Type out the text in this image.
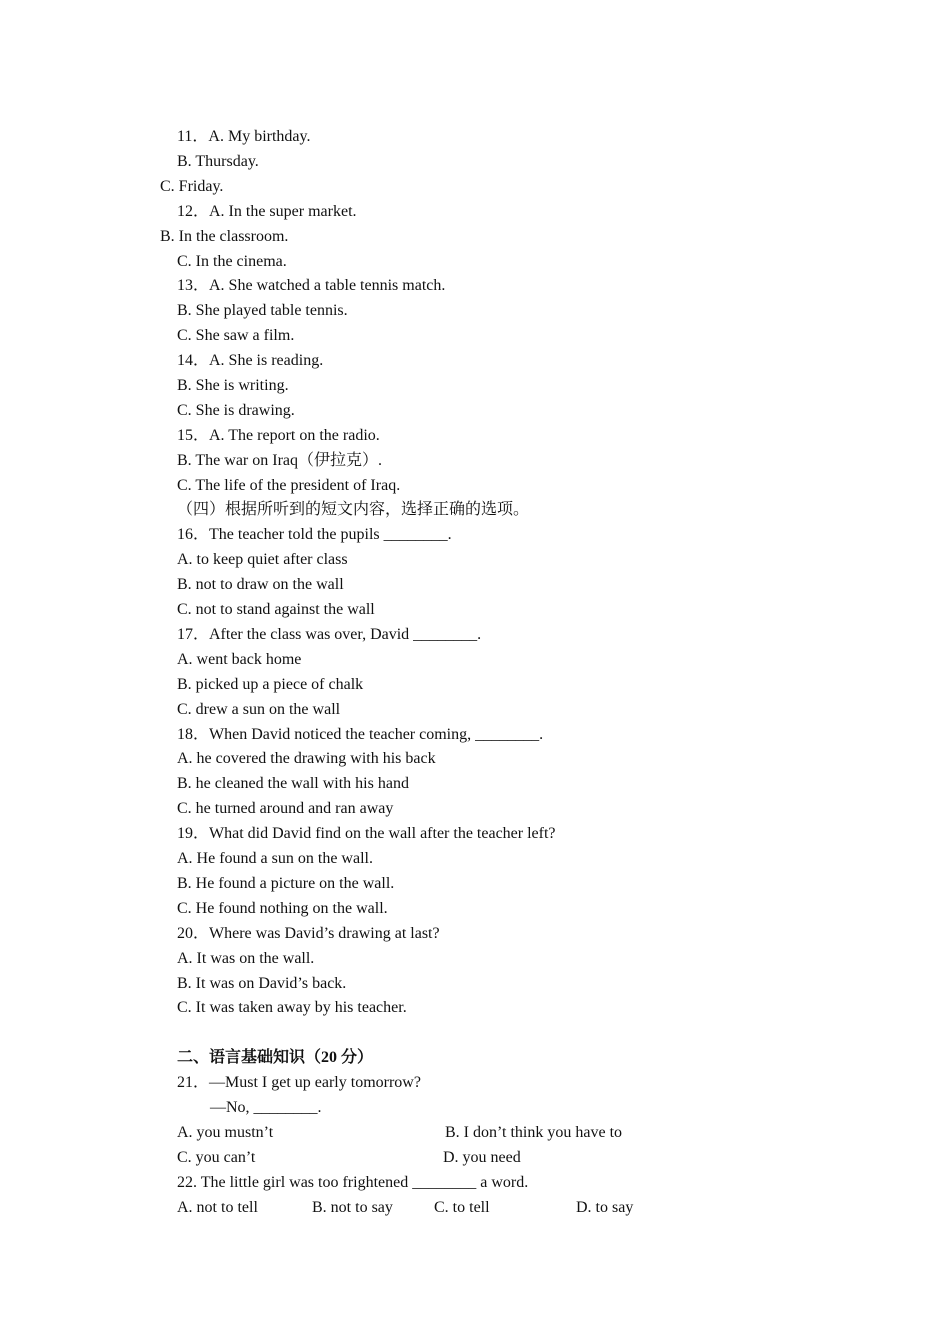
11．A. My birthday.
B. Thursday.
C. Friday.
12．A. In the super market.
B. In the classroom.
C. In the cinema.
13．A. She watched a table tennis match.
B. She played table tennis.
C. She saw a film.
14．A. She is reading.
B. She is writing.
C. She is drawing.
15．A. The report on the radio.
B. The war on Iraq（伊拉克）.
C. The life of the president of Iraq.
（四）根据所听到的短文内容，选择正确的选项。
16．The teacher told the pupils ________.
A. to keep quiet after class
B. not to draw on the wall
C. not to stand against the wall
17．After the class was over, David ________.
A. went back home
B. picked up a piece of chalk
C. drew a sun on the wall
18．When David noticed the teacher coming, ________.
A. he covered the drawing with his back
B. he cleaned the wall with his hand
C. he turned around and ran away
19．What did David find on the wall after the teacher left?
A. He found a sun on the wall.
B. He found a picture on the wall.
C. He found nothing on the wall.
20．Where was David’s drawing at last?
A. It was on the wall.
B. It was on David’s back.
C. It was taken away by his teacher.
二、语言基础知识（20 分）
21．—Must I get up early tomorrow?
—No, ________.
A. you mustn’t	B. I don’t think you have to
C. you can’t	D. you need
22. The little girl was too frightened ________ a word.
A. not to tell	B. not to say	C. to tell	D. to say
